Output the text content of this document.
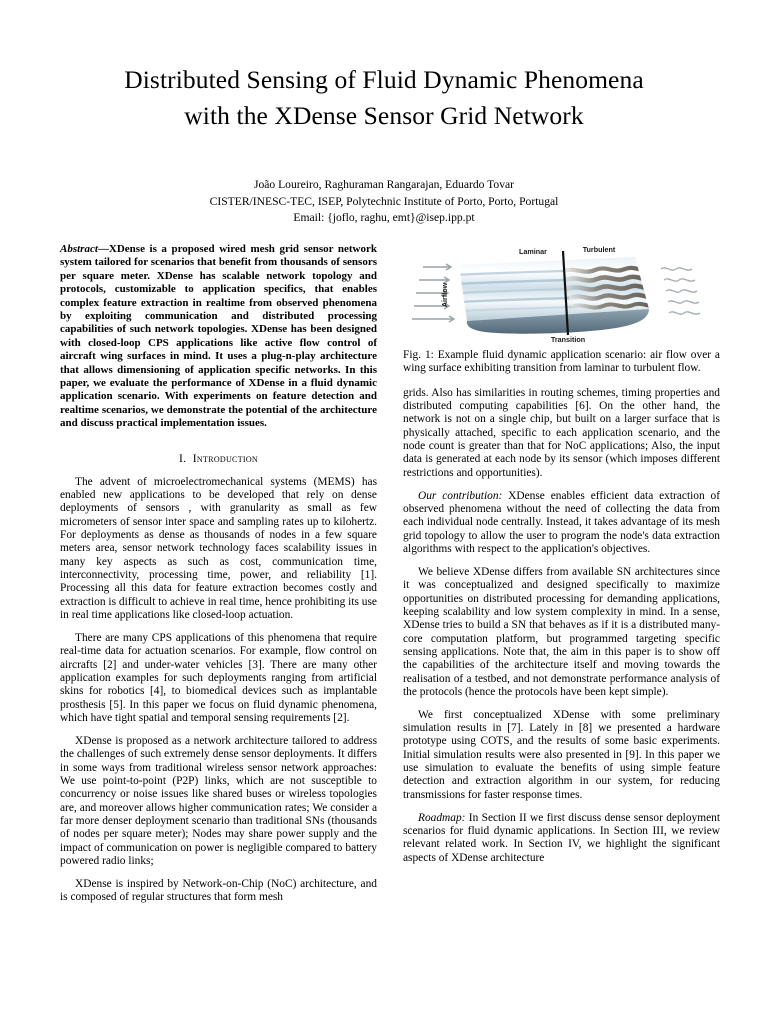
Distributed Sensing of Fluid Dynamic Phenomena
with the XDense Sensor Grid Network
João Loureiro, Raghuraman Rangarajan, Eduardo Tovar
CISTER/INESC-TEC, ISEP, Polytechnic Institute of Porto, Porto, Portugal
Email: {joflo, raghu, emt}@isep.ipp.pt

Abstract—XDense is a proposed wired mesh grid sensor network system tailored for scenarios that benefit from thousands of sensors per square meter. XDense has scalable network topology and protocols, customizable to application specifics, that enables complex feature extraction in realtime from observed phenomena by exploiting communication and distributed processing capabilities of such network topologies. XDense has been designed with closed-loop CPS applications like active flow control of aircraft wing surfaces in mind. It uses a plug-n-play architecture that allows dimensioning of application specific networks. In this paper, we evaluate the performance of XDense in a fluid dynamic application scenario. With experiments on feature detection and realtime scenarios, we demonstrate the potential of the architecture and discuss practical implementation issues.

I. Introduction

The advent of microelectromechanical systems (MEMS) has enabled new applications to be developed that rely on dense deployments of sensors , with granularity as small as few micrometers of sensor inter space and sampling rates up to kilohertz. For deployments as dense as thousands of nodes in a few square meters area, sensor network technology faces scalability issues in many key aspects as such as cost, communication time, interconnectivity, processing time, power, and reliability [1]. Processing all this data for feature extraction becomes costly and extraction is difficult to achieve in real time, hence prohibiting its use in real time applications like closed-loop actuation.

There are many CPS applications of this phenomena that require real-time data for actuation scenarios. For example, flow control on aircrafts [2] and under-water vehicles [3]. There are many other application examples for such deployments ranging from artificial skins for robotics [4], to biomedical devices such as implantable prosthesis [5]. In this paper we focus on fluid dynamic phenomena, which have tight spatial and temporal sensing requirements [2].

XDense is proposed as a network architecture tailored to address the challenges of such extremely dense sensor deployments. It differs in some ways from traditional wireless sensor network approaches: We use point-to-point (P2P) links, which are not susceptible to concurrency or noise issues like shared buses or wireless topologies are, and moreover allows higher communication rates; We consider a far more denser deployment scenario than traditional SNs (thousands of nodes per square meter); Nodes may share power supply and the impact of communication on power is negligible compared to battery powered radio links;

XDense is inspired by Network-on-Chip (NoC) architecture, and is composed of regular structures that form mesh

Laminar	Turbulent
Transition
Airflow
Fig. 1: Example fluid dynamic application scenario: air flow over a wing surface exhibiting transition from laminar to turbulent flow.

grids. Also has similarities in routing schemes, timing properties and distributed computing capabilities [6]. On the other hand, the network is not on a single chip, but built on a larger surface that is physically attached, specific to each application scenario, and the node count is greater than that for NoC applications; Also, the input data is generated at each node by its sensor (which imposes different restrictions and opportunities).

Our contribution: XDense enables efficient data extraction of observed phenomena without the need of collecting the data from each individual node centrally. Instead, it takes advantage of its mesh grid topology to allow the user to program the node's data extraction algorithms with respect to the application's objectives.

We believe XDense differs from available SN architectures since it was conceptualized and designed specifically to maximize opportunities on distributed processing for demanding applications, keeping scalability and low system complexity in mind. In a sense, XDense tries to build a SN that behaves as if it is a distributed many-core computation platform, but programmed targeting specific sensing applications. Note that, the aim in this paper is to show off the capabilities of the architecture itself and moving towards the realisation of a testbed, and not demonstrate performance analysis of the protocols (hence the protocols have been kept simple).

We first conceptualized XDense with some preliminary simulation results in [7]. Lately in [8] we presented a hardware prototype using COTS, and the results of some basic experiments. Initial simulation results were also presented in [9]. In this paper we use simulation to evaluate the benefits of using simple feature detection and extraction algorithm in our system, for reducing transmissions for faster response times.

Roadmap: In Section II we first discuss dense sensor deployment scenarios for fluid dynamic applications. In Section III, we review relevant related work. In Section IV, we highlight the significant aspects of XDense architecture
